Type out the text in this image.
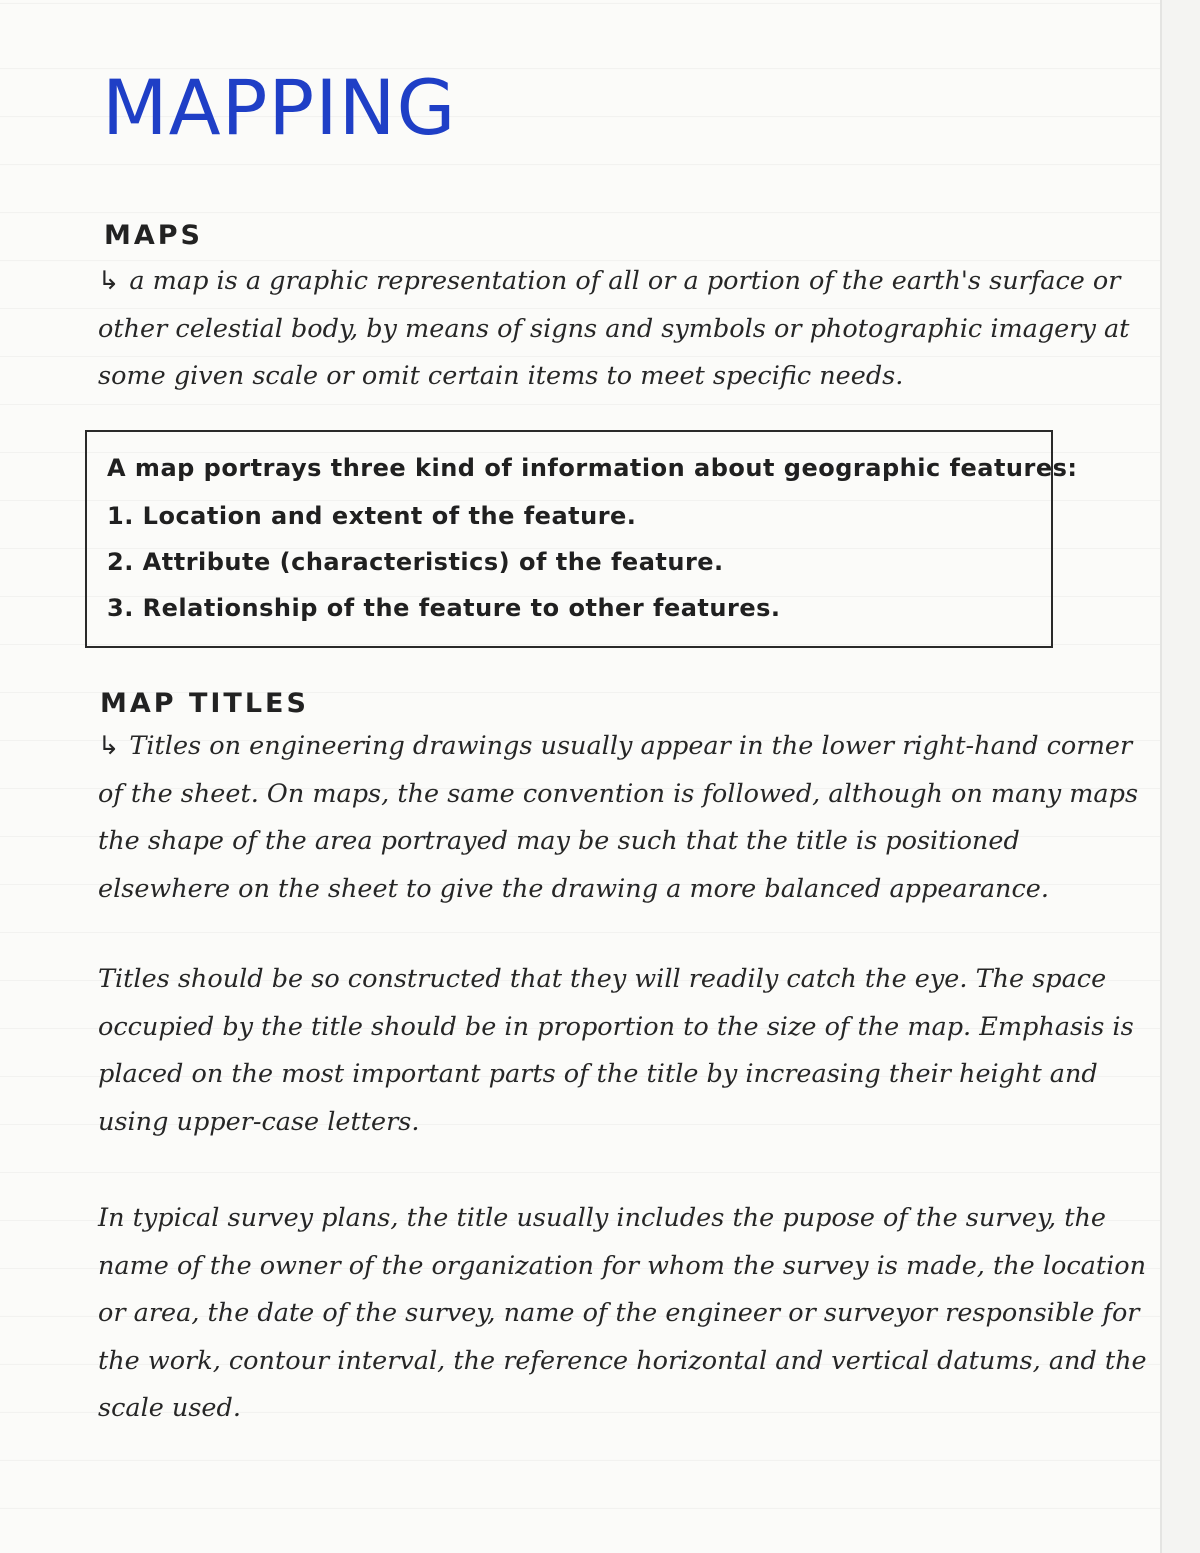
MAPPING
MAPS

↳ a map is a graphic representation of all or a portion of the earth's surface or other celestial body, by means of signs and symbols or photographic imagery at some given scale or omit certain items to meet specific needs.

A map portrays three kind of information about geographic features:

1. Location and extent of the feature.

2. Attribute (characteristics) of the feature.

3. Relationship of the feature to other features.

MAP TITLES

↳ Titles on engineering drawings usually appear in the lower right-hand corner of the sheet. On maps, the same convention is followed, although on many maps the shape of the area portrayed may be such that the title is positioned elsewhere on the sheet to give the drawing a more balanced appearance.

Titles should be so constructed that they will readily catch the eye. The space occupied by the title should be in proportion to the size of the map. Emphasis is placed on the most important parts of the title by increasing their height and using upper-case letters.

In typical survey plans, the title usually includes the pupose of the survey, the name of the owner of the organization for whom the survey is made, the location or area, the date of the survey, name of the engineer or surveyor responsible for the work, contour interval, the reference horizontal and vertical datums, and the scale used.
